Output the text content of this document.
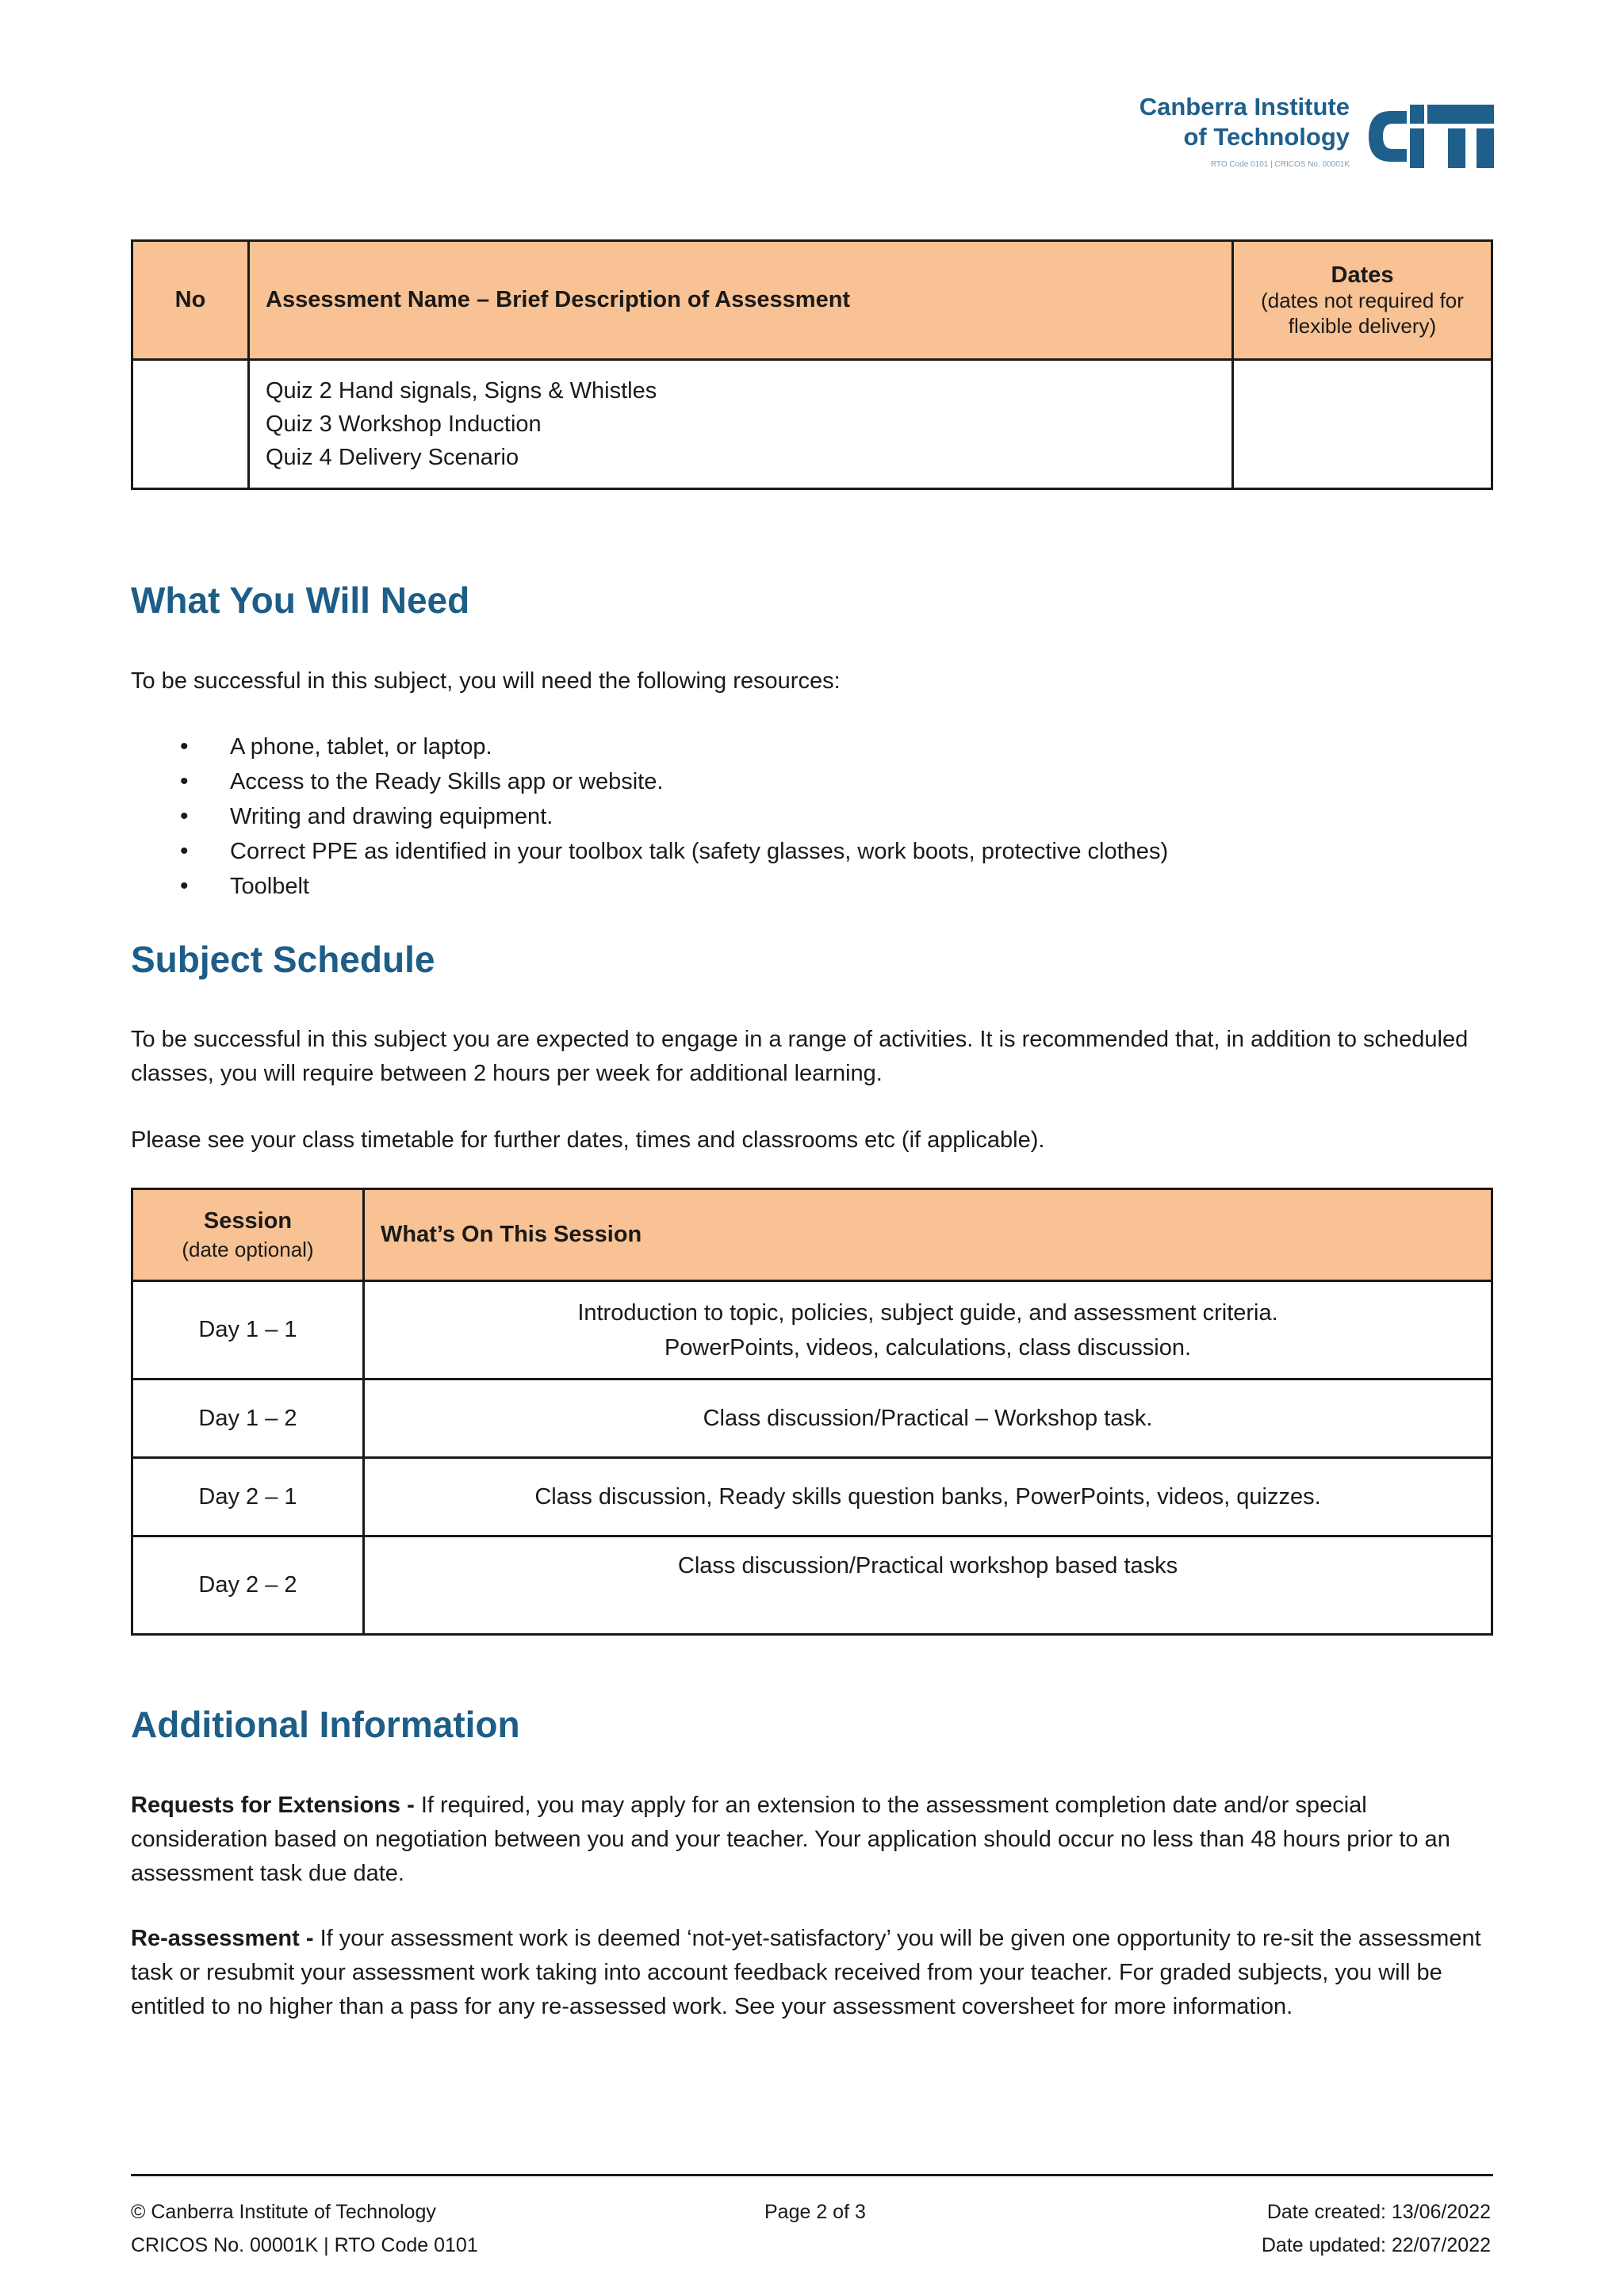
Canberra Institute
of Technology
RTO Code 0101 | CRICOS No. 00001K
No	Assessment Name – Brief Description of Assessment	Dates
(dates not required for flexible delivery)

	Quiz 2 Hand signals, Signs & Whistles
Quiz 3 Workshop Induction
Quiz 4 Delivery Scenario	

What You Will Need

To be successful in this subject, you will need the following resources:

• A phone, tablet, or laptop.
• Access to the Ready Skills app or website.
• Writing and drawing equipment.
• Correct PPE as identified in your toolbox talk (safety glasses, work boots, protective clothes)
• Toolbelt
Subject Schedule

To be successful in this subject you are expected to engage in a range of activities. It is recommended that, in addition to scheduled classes, you will require between 2 hours per week for additional learning.

Please see your class timetable for further dates, times and classrooms etc (if applicable).

Session
(date optional)	What’s On This Session
Day 1 – 1	Introduction to topic, policies, subject guide, and assessment criteria. PowerPoints, videos, calculations, class discussion.
Day 1 – 2	Class discussion/Practical – Workshop task.
Day 2 – 1	Class discussion, Ready skills question banks, PowerPoints, videos, quizzes.
Day 2 – 2	Class discussion/Practical workshop based tasks
Additional Information

Requests for Extensions - If required, you may apply for an extension to the assessment completion date and/or special consideration based on negotiation between you and your teacher. Your application should occur no less than 48 hours prior to an assessment task due date.

Re-assessment - If your assessment work is deemed ‘not-yet-satisfactory’ you will be given one opportunity to re-sit the assessment task or resubmit your assessment work taking into account feedback received from your teacher. For graded subjects, you will be entitled to no higher than a pass for any re-assessed work. See your assessment coversheet for more information.

© Canberra Institute of Technology
CRICOS No. 00001K | RTO Code 0101
Page 2 of 3	Date created: 13/06/2022
Date updated: 22/07/2022
